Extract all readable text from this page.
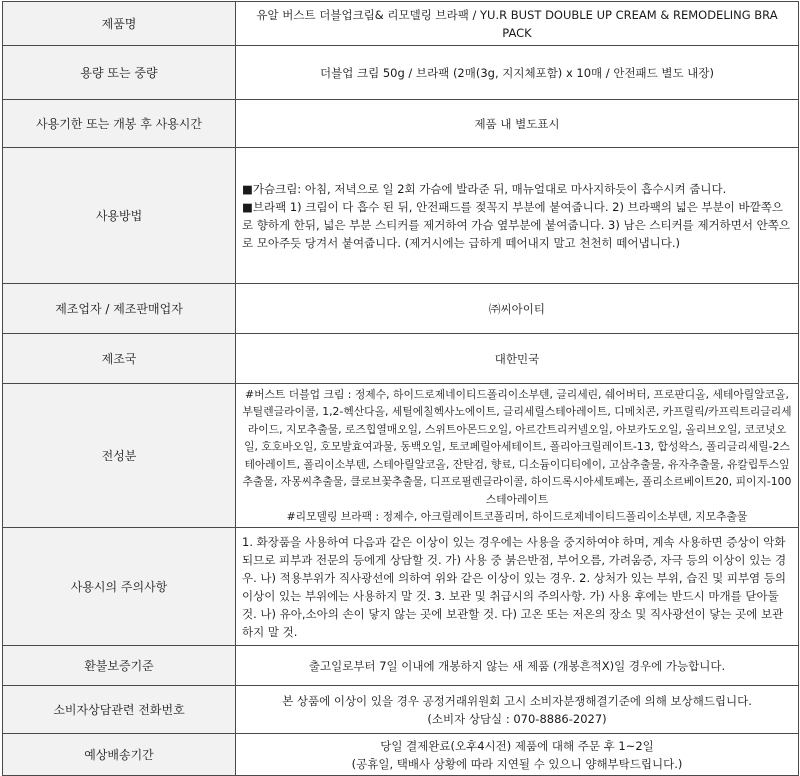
제품명	유알 버스트 더블업크림& 리모델링 브라팩 / YU.R BUST DOUBLE UP CREAM & REMODELING BRA PACK

용량 또는 중량	더블업 크림 50g / 브라팩 (2매(3g, 지지체포함) x 10매 / 안전패드 별도 내장)

사용기한 또는 개봉 후 사용시간	제품 내 별도표시

사용방법	■가슴크림: 아침, 저녁으로 일 2회 가슴에 발라준 뒤, 매뉴얼대로 마사지하듯이 흡수시켜 줍니다.
■브라팩 1) 크림이 다 흡수 된 뒤, 안전패드를 젖꼭지 부분에 붙여줍니다. 2) 브라팩의 넓은 부분이 바깥쪽으로 향하게 한뒤, 넓은 부분 스티커를 제거하여 가슴 옆부분에 붙여줍니다. 3) 남은 스티커를 제거하면서 안쪽으로 모아주듯 당겨서 붙여줍니다. (제거시에는 급하게 떼어내지 말고 천천히 떼어냅니다.)

제조업자 / 제조판매업자	㈜씨아이티

제조국	대한민국

전성분	#버스트 더블업 크림 : 정제수, 하이드로제네이티드폴리이소부텐, 글리세린, 쉐어버터, 프로판디올, 세테아릴알코올, 부틸렌글라이콜, 1,2-헥산다올, 세틸에칠헥사노에이트, 글리세릴스테아레이트, 디메치콘, 카프릴릭/카프릭트리글리세라이드, 지모추출물, 로즈힙열매오일, 스위트아몬드오일, 아르간트리커넬오일, 아보카도오일, 올리브오일, 코코넛오일, 호호바오일, 호모발효여과물, 동백오일, 토코페릴아세테이트, 폴리아크릴레이트-13, 합성왁스, 폴리글리세릴-2스테아레이트, 폴리이소부텐, 스테아릴알코올, 잔탄검, 향료, 디소듐이디티에이, 고삼추출물, 유자추출물, 유칼립투스잎추출물, 자몽씨추출물, 클로브꽃추출물, 디프로필렌글라이콜, 하이드록시아세토페논, 폴리소르베이트20, 피이지-100스테아레이트
#리모델링 브라팩 : 정제수, 아크릴레이트코폴리머, 하이드로제네이티드폴리이소부텐, 지모추출물

사용시의 주의사항	1. 화장품을 사용하여 다음과 같은 이상이 있는 경우에는 사용을 중지하여야 하며, 계속 사용하면 증상이 악화되므로 피부과 전문의 등에게 상담할 것. 가) 사용 중 붉은반점, 부어오름, 가려움증, 자극 등의 이상이 있는 경우. 나) 적용부위가 직사광선에 의하여 위와 같은 이상이 있는 경우. 2. 상처가 있는 부위, 습진 및 피부염 등의 이상이 있는 부위에는 사용하지 말 것. 3. 보관 및 취급시의 주의사항. 가) 사용 후에는 반드시 마개를 닫아둘 것. 나) 유아,소아의 손이 닿지 않는 곳에 보관할 것. 다) 고온 또는 저온의 장소 및 직사광선이 닿는 곳에 보관하지 말 것.

환불보증기준	출고일로부터 7일 이내에 개봉하지 않는 새 제품 (개봉흔적X)일 경우에 가능합니다.

소비자상담관련 전화번호	본 상품에 이상이 있을 경우 공정거래위원회 고시 소비자분쟁해결기준에 의해 보상해드립니다.
(소비자 상담실 : 070-8886-2027)

예상배송기간	당일 결제완료(오후4시전) 제품에 대해 주문 후 1~2일
(공휴일, 택배사 상황에 따라 지연될 수 있으니 양해부탁드립니다.)
